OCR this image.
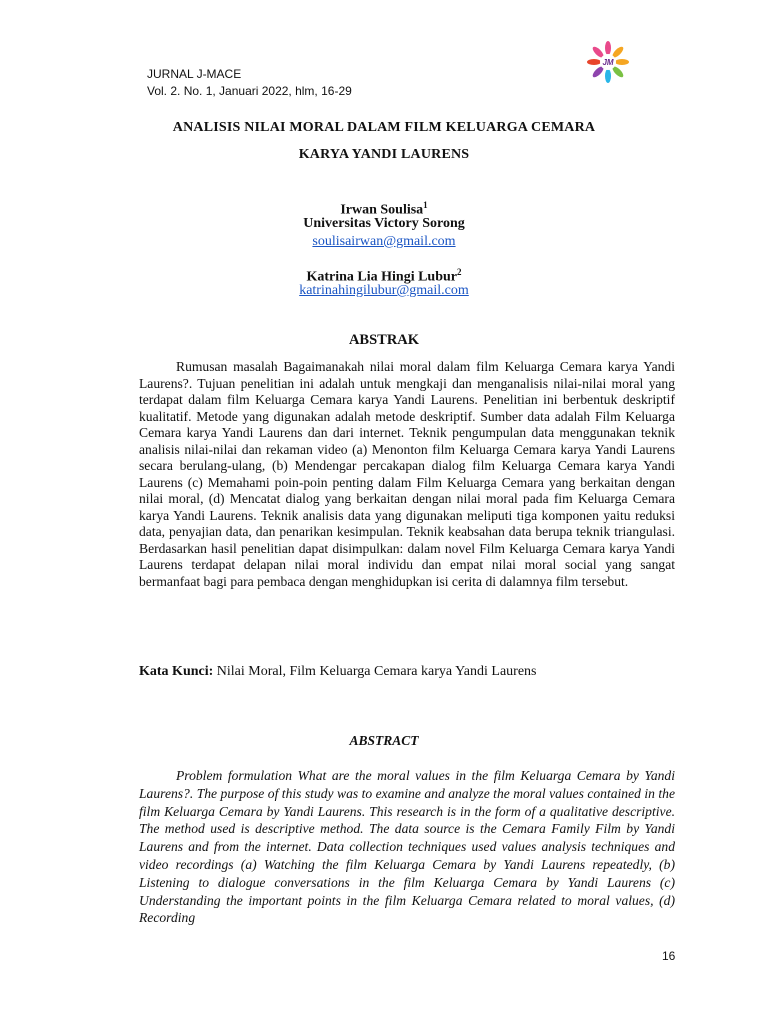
JURNAL J-MACE
Vol. 2. No. 1, Januari 2022, hlm, 16-29
JM
ANALISIS NILAI MORAL DALAM FILM KELUARGA CEMARA
KARYA YANDI LAURENS
Irwan Soulisa$^1$
Universitas Victory Sorong
soulisairwan@gmail.com
Katrina Lia Hingi Lubur$^2$
katrinahingilubur@gmail.com
ABSTRAK

Rumusan masalah Bagaimanakah nilai moral dalam film Keluarga Cemara karya Yandi Laurens?. Tujuan penelitian ini adalah untuk mengkaji dan menganalisis nilai-nilai moral yang terdapat dalam film Keluarga Cemara karya Yandi Laurens. Penelitian ini berbentuk deskriptif kualitatif. Metode yang digunakan adalah metode deskriptif. Sumber data adalah Film Keluarga Cemara karya Yandi Laurens dan dari internet. Teknik pengumpulan data menggunakan teknik analisis nilai-nilai dan rekaman video (a) Menonton film Keluarga Cemara karya Yandi Laurens secara berulang-ulang, (b) Mendengar percakapan dialog film Keluarga Cemara karya Yandi Laurens (c) Memahami poin-poin penting dalam Film Keluarga Cemara yang berkaitan dengan nilai moral, (d) Mencatat dialog yang berkaitan dengan nilai moral pada fim Keluarga Cemara karya Yandi Laurens. Teknik analisis data yang digunakan meliputi tiga komponen yaitu reduksi data, penyajian data, dan penarikan kesimpulan. Teknik keabsahan data berupa teknik triangulasi. Berdasarkan hasil penelitian dapat disimpulkan: dalam novel Film Keluarga Cemara karya Yandi Laurens terdapat delapan nilai moral individu dan empat nilai moral social yang sangat bermanfaat bagi para pembaca dengan menghidupkan isi cerita di dalamnya film tersebut.

Kata Kunci: Nilai Moral, Film Keluarga Cemara karya Yandi Laurens
ABSTRACT

Problem formulation What are the moral values in the film Keluarga Cemara by Yandi Laurens?. The purpose of this study was to examine and analyze the moral values contained in the film Keluarga Cemara by Yandi Laurens. This research is in the form of a qualitative descriptive. The method used is descriptive method. The data source is the Cemara Family Film by Yandi Laurens and from the internet. Data collection techniques used values analysis techniques and video recordings (a) Watching the film Keluarga Cemara by Yandi Laurens repeatedly, (b) Listening to dialogue conversations in the film Keluarga Cemara by Yandi Laurens (c) Understanding the important points in the film Keluarga Cemara related to moral values, (d) Recording

16
